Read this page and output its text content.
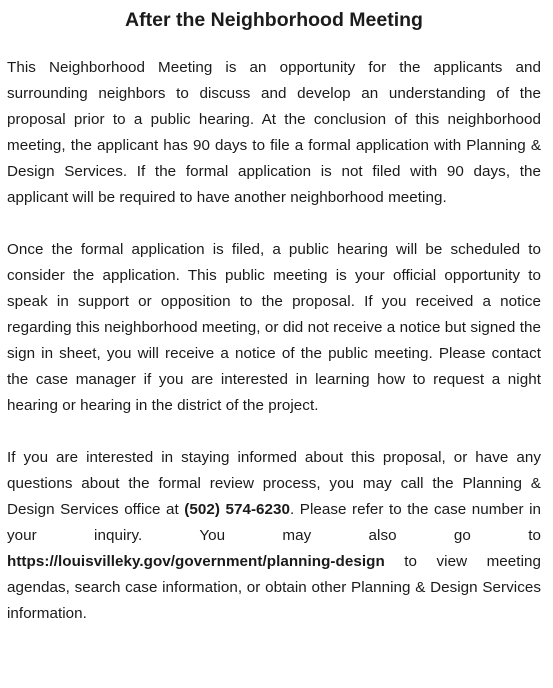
After the Neighborhood Meeting

This Neighborhood Meeting is an opportunity for the applicants and surrounding neighbors to discuss and develop an understanding of the proposal prior to a public hearing. At the conclusion of this neighborhood meeting, the applicant has 90 days to file a formal application with Planning & Design Services. If the formal application is not filed with 90 days, the applicant will be required to have another neighborhood meeting.

Once the formal application is filed, a public hearing will be scheduled to consider the application. This public meeting is your official opportunity to speak in support or opposition to the proposal. If you received a notice regarding this neighborhood meeting, or did not receive a notice but signed the sign in sheet, you will receive a notice of the public meeting. Please contact the case manager if you are interested in learning how to request a night hearing or hearing in the district of the project.

If you are interested in staying informed about this proposal, or have any questions about the formal review process, you may call the Planning & Design Services office at (502) 574-6230. Please refer to the case number in your inquiry. You may also go to https://louisvilleky.gov/government/planning-design to view meeting agendas, search case information, or obtain other Planning & Design Services information.
